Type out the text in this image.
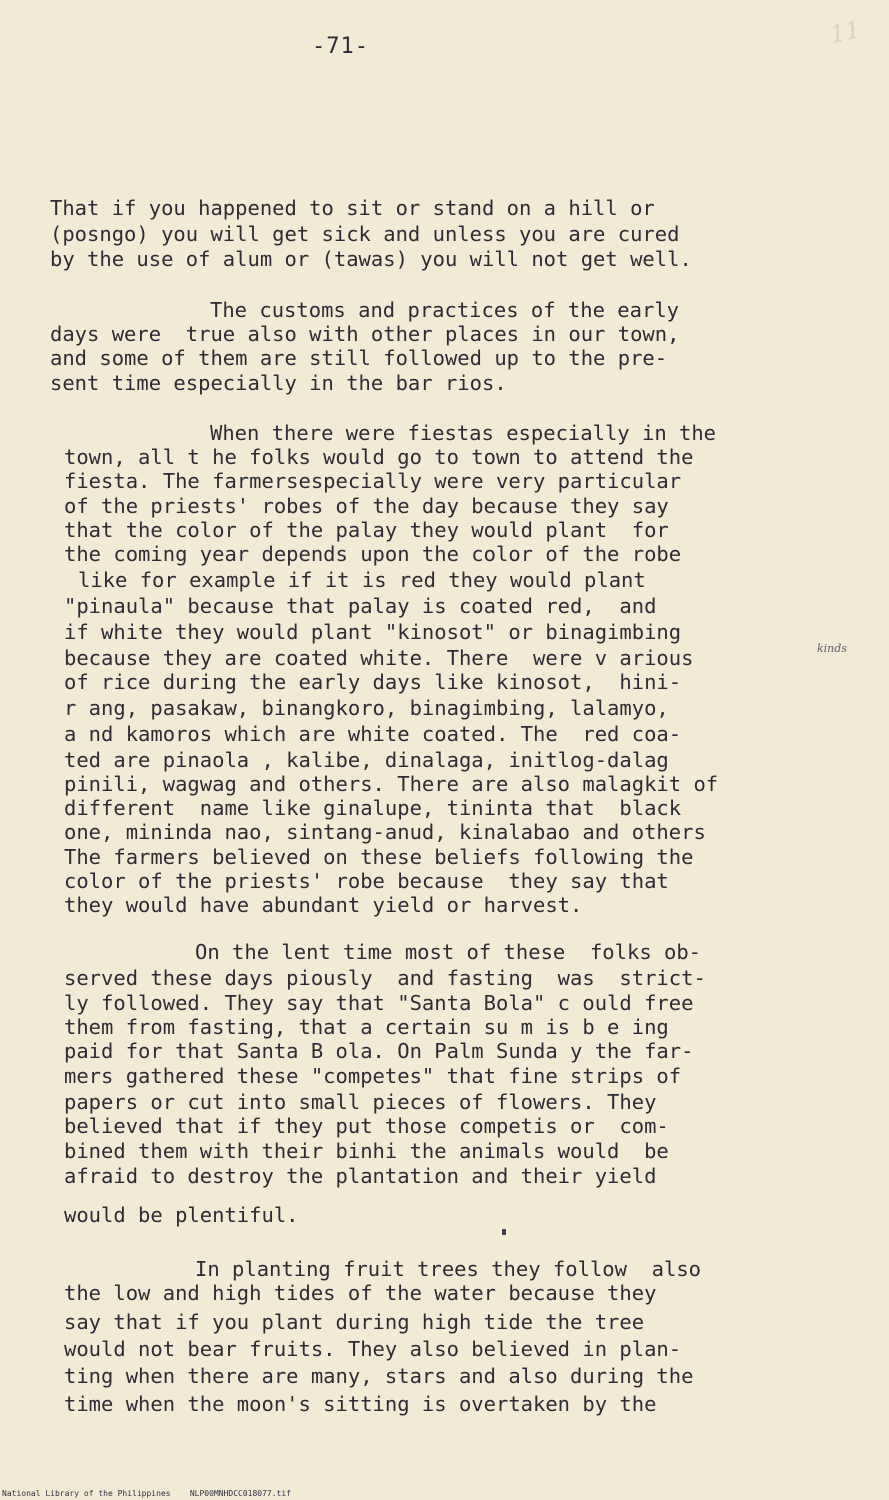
-71-	11

That if you happened to sit or stand on a hill or

(posngo) you will get sick and unless you are cured

by the use of alum or (tawas) you will not get well.

The customs and practices of the early

days were  true also with other places in our town,

and some of them are still followed up to the pre-

sent time especially in the bar rios.

When there were fiestas especially in the

town, all t he folks would go to town to attend the

fiesta. The farmersespecially were very particular

of the priests' robes of the day because they say

that the color of the palay they would plant  for

the coming year depends upon the color of the robe

like for example if it is red they would plant

"pinaula" because that palay is coated red,  and

if white they would plant "kinosot" or binagimbing

because they are coated white. There  were v arious

of rice during the early days like kinosot,  hini-

r ang, pasakaw, binangkoro, binagimbing, lalamyo,

a nd kamoros which are white coated. The  red coa-

ted are pinaola , kalibe, dinalaga, initlog-dalag

pinili, wagwag and others. There are also malagkit of

different  name like ginalupe, tininta that  black

one, mininda nao, sintang-anud, kinalabao and others

The farmers believed on these beliefs following the

color of the priests' robe because  they say that

they would have abundant yield or harvest.

On the lent time most of these  folks ob-

served these days piously  and fasting  was  strict-

ly followed. They say that "Santa Bola" c ould free

them from fasting, that a certain su m is b e ing

paid for that Santa B ola. On Palm Sunda y the far-

mers gathered these "competes" that fine strips of

papers or cut into small pieces of flowers. They

believed that if they put those competis or  com-

bined them with their binhi the animals would  be

afraid to destroy the plantation and their yield

would be plentiful.

In planting fruit trees they follow  also

the low and high tides of the water because they

say that if you plant during high tide the tree

would not bear fruits. They also believed in plan-

ting when there are many, stars and also during the

time when the moon's sitting is overtaken by the

kinds
National Library of the Philippines    NLP00MNHDCC018077.tif
